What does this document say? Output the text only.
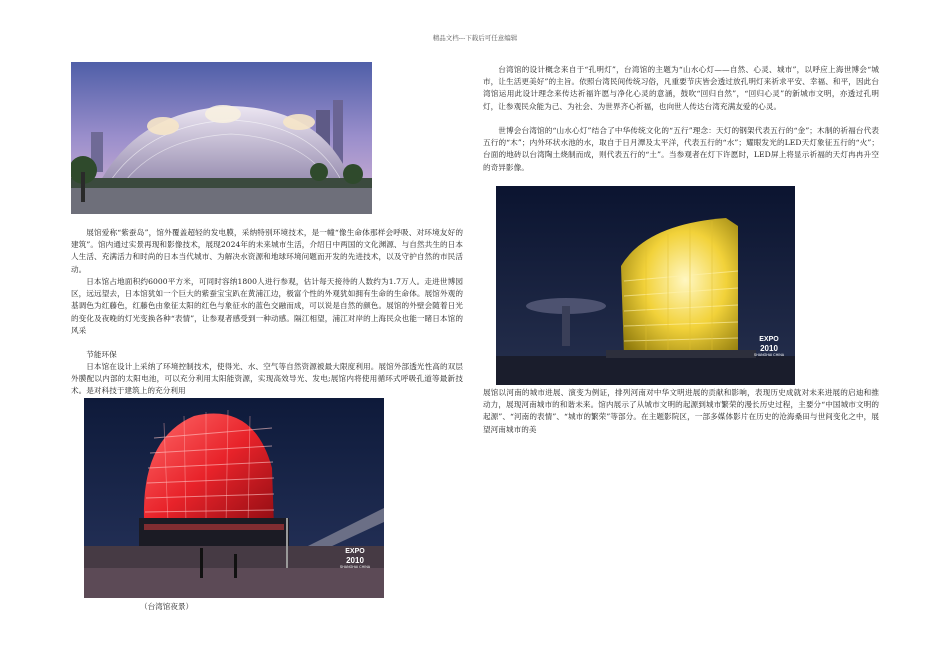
精品文档---下载后可任意编辑

展馆爱称“紫蚕岛”，馆外覆盖超轻的发电膜，采纳特别环境技术，是一幢“像生命体那样会呼吸、对环境友好的建筑”。馆内通过实景再现和影像技术，展现2024年的未来城市生活，介绍日中两国的文化渊源、与自然共生的日本人生活、充满活力和时尚的日本当代城市、为解决水资源和地球环境问题而开发的先进技术，以及守护自然的市民活动。

日本馆占地面积约6000平方米，可同时容纳1800人进行参观，估计每天接待的人数约为1.7万人。走进世博园区，远远望去，日本馆犹如一个巨大的紫蚕宝宝趴在黄浦江边，极富个性的外观犹如拥有生命的生命体。展馆外观的基调色为红藤色，红藤色由象征太阳的红色与象征水的蓝色交融而成，可以说是自然的颜色。展馆的外壁会随着日光的变化及夜晚的灯光变换各种“表情”，让参观者感受到一种动感。隔江相望，浦江对岸的上海民众也能一睹日本馆的风采

节能环保

日本馆在设计上采纳了环境控制技术，使得光、水、空气等自然资源被最大限度利用。展馆外部透光性高的双层外膜配以内部的太阳电池，可以充分利用太阳能资源，实现高效导光、发电;展馆内将使用循环式呼吸孔道等最新技术。是对科技于建筑上的充分利用

EXPO
2010
SHANGHAI CHINA
（台湾馆夜景）

台湾馆的设计概念来自于“孔明灯”，台湾馆的主题为“山水心灯——自然、心灵、城市”，以呼应上海世博会“城市，让生活更美好”的主旨。依照台湾民间传统习俗，凡重要节庆皆会透过放孔明灯来祈求平安、幸福、和平，因此台湾馆运用此设计理念来传达祈福许愿与净化心灵的意涵，鼓吹“回归自然”，“回归心灵”的新城市文明，亦透过孔明灯，让参观民众能为己、为社会、为世界齐心祈福，也向世人传达台湾充满友爱的心灵。

世博会台湾馆的“山水心灯”结合了中华传统文化的“五行”理念：天灯的钢架代表五行的“金”；木制的祈福台代表五行的“木”；内外环状水池的水，取自于日月潭及太平洋，代表五行的“水”；耀眼发光的LED天灯象征五行的“火”；台面的地砖以台湾陶土烧制而成，则代表五行的“土”。当参观者在灯下许愿时，LED屏上将显示祈福的天灯冉冉升空的奇异影像。

EXPO
2010
SHANGHAI CHINA

展馆以河南的城市进展、演变为例证，排列河南对中华文明进展的贡献和影响，表现历史成就对未来进展的启迪和推动力，展现河南城市的和谐未来。馆内展示了从城市文明的起源到城市繁荣的漫长历史过程，主要分“中国城市文明的起源”、“河南的表情”、“城市的繁荣”等部分。在主题影院区，一部多媒体影片在历史的沧海桑田与世间变化之中，展望河南城市的美
